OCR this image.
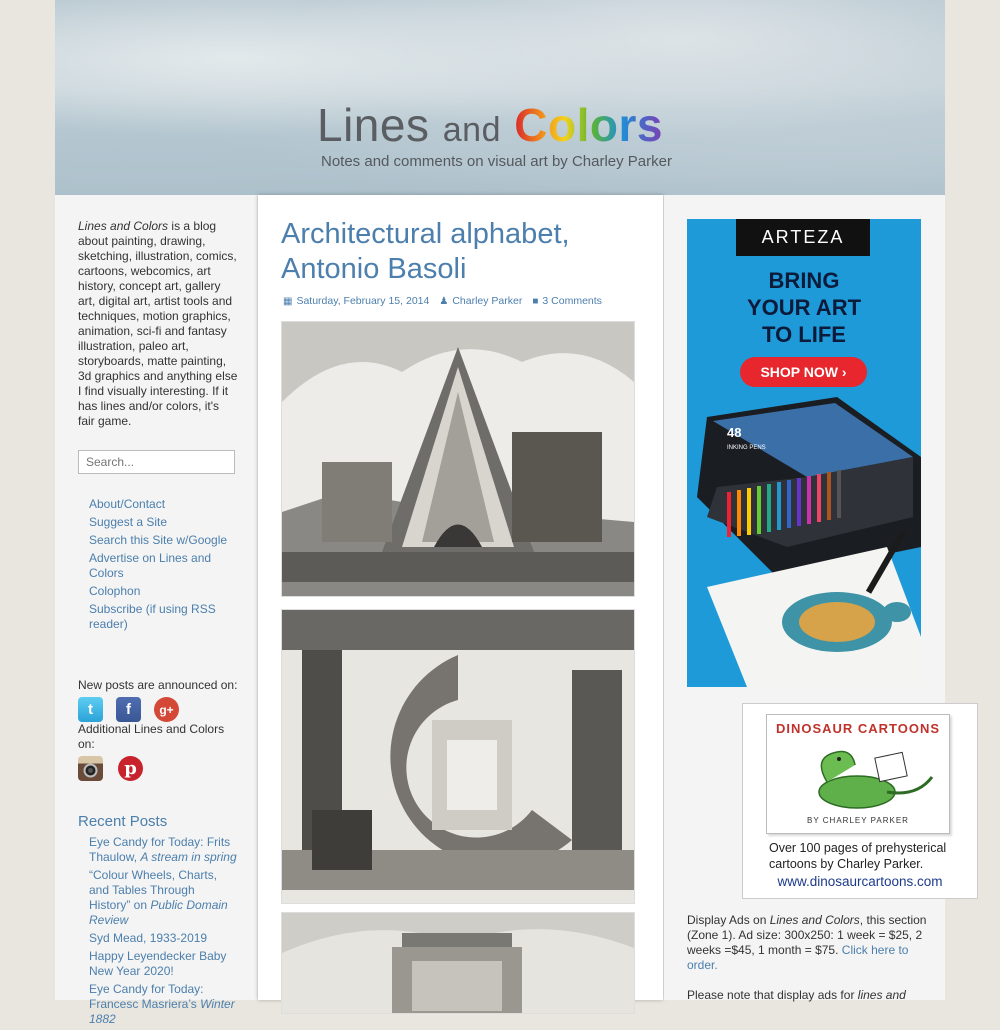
Lines and Colors
Notes and comments on visual art by Charley Parker
Lines and Colors is a blog about painting, drawing, sketching, illustration, comics, cartoons, webcomics, art history, concept art, gallery art, digital art, artist tools and techniques, motion graphics, animation, sci-fi and fantasy illustration, paleo art, storyboards, matte painting, 3d graphics and anything else I find visually interesting. If it has lines and/or colors, it's fair game.
Search...
About/Contact
Suggest a Site
Search this Site w/Google
Advertise on Lines and Colors
Colophon
Subscribe (if using RSS reader)
New posts are announced on:
t	f	g+
Additional Lines and Colors on:
p
Recent Posts
Eye Candy for Today: Frits Thaulow, A stream in spring
“Colour Wheels, Charts, and Tables Through History” on Public Domain Review
Syd Mead, 1933-2019
Happy Leyendecker Baby New Year 2020!
Eye Candy for Today: Francesc Masriera’s Winter 1882
Architectural alphabet, Antonio Basoli
▦ Saturday, February 15, 2014 ♟ Charley Parker ■ 3 Comments
ARTEZA
BRING
YOUR ART
TO LIFE
SHOP NOW
›
48
INKING PENS
DINOSAUR CARTOONS
BY CHARLEY PARKER
Over 100 pages of prehysterical cartoons by Charley Parker.
www.dinosaurcartoons.com
Display Ads on Lines and Colors, this section (Zone 1). Ad size: 300x250: 1 week = $25, 2 weeks =$45, 1 month = $75. Click here to order.
Please note that display ads for lines and
